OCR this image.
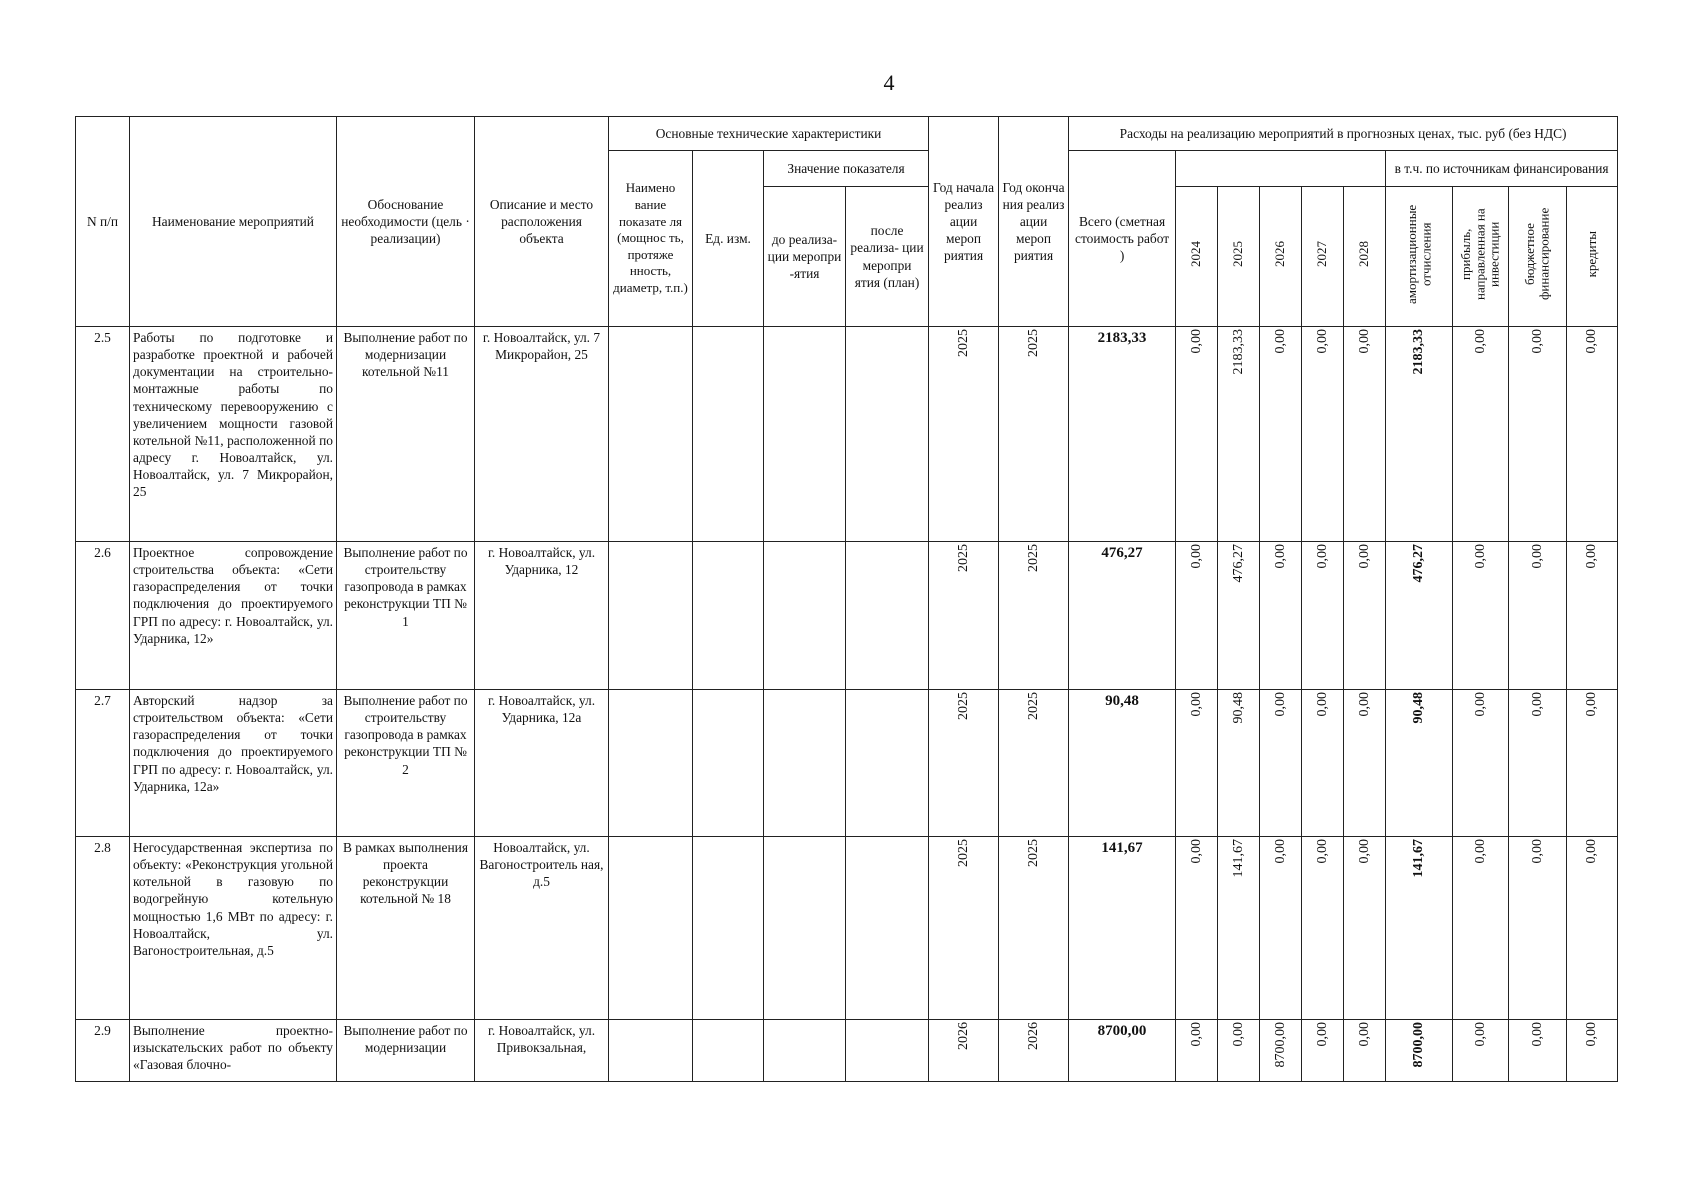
4
N п/п	Наименование мероприятий	Обоснование необходимости (цель · реализации)	Описание и место расположения объекта	Основные технические характеристики				Год начала реализ ации мероп риятия	Год оконча ния реализ ации мероп риятия	Расходы на реализацию мероприятий в прогнозных ценах, тыс. руб (без НДС)									
				Наимено вание показате ля (мощнос ть, протяже нность, диаметр, т.п.)	Ед. изм.	Значение показателя				Всего (сметная стоимость работ )						в т.ч. по источникам финансирования			
						до реализа- ции меропри -ятия	после реализа- ции меропри ятия (план)				2024	2025	2026	2027	2028	амортизационные отчисления	прибыль, направленная на инвестиции	бюджетное финансирование	кредиты
2.5	Работы по подготовке и разработке проектной и рабочей документации на строительно-монтажные работы по техническому перевооружению с увеличением мощности газовой котельной №11, расположенной по адресу г. Новоалтайск, ул. Новоалтайск, ул. 7 Микрорайон, 25	Выполнение работ по модернизации котельной №11	г. Новоалтайск, ул. 7 Микрорайон, 25					2025	2025	2183,33	0,00	2183,33	0,00	0,00	0,00	2183,33	0,00	0,00	0,00
2.6	Проектное сопровождение строительства объекта: «Сети газораспределения от точки подключения до проектируемого ГРП по адресу: г. Новоалтайск, ул. Ударника, 12»	Выполнение работ по строительству газопровода в рамках реконструкции ТП № 1	г. Новоалтайск, ул. Ударника, 12					2025	2025	476,27	0,00	476,27	0,00	0,00	0,00	476,27	0,00	0,00	0,00
2.7	Авторский надзор за строительством объекта: «Сети газораспределения от точки подключения до проектируемого ГРП по адресу: г. Новоалтайск, ул. Ударника, 12а»	Выполнение работ по строительству газопровода в рамках реконструкции ТП № 2	г. Новоалтайск, ул. Ударника, 12а					2025	2025	90,48	0,00	90,48	0,00	0,00	0,00	90,48	0,00	0,00	0,00
2.8	Негосударственная экспертиза по объекту: «Реконструкция угольной котельной в газовую по водогрейную котельную мощностью 1,6 МВт по адресу: г. Новоалтайск, ул. Вагоностроительная, д.5	В рамках выполнения проекта реконструкции котельной № 18	Новоалтайск, ул. Вагоностроитель ная, д.5					2025	2025	141,67	0,00	141,67	0,00	0,00	0,00	141,67	0,00	0,00	0,00
2.9	Выполнение проектно-изыскательских работ по объекту «Газовая блочно-	Выполнение работ по модернизации	г. Новоалтайск, ул. Привокзальная,					2026	2026	8700,00	0,00	0,00	8700,00	0,00	0,00	8700,00	0,00	0,00	0,00
